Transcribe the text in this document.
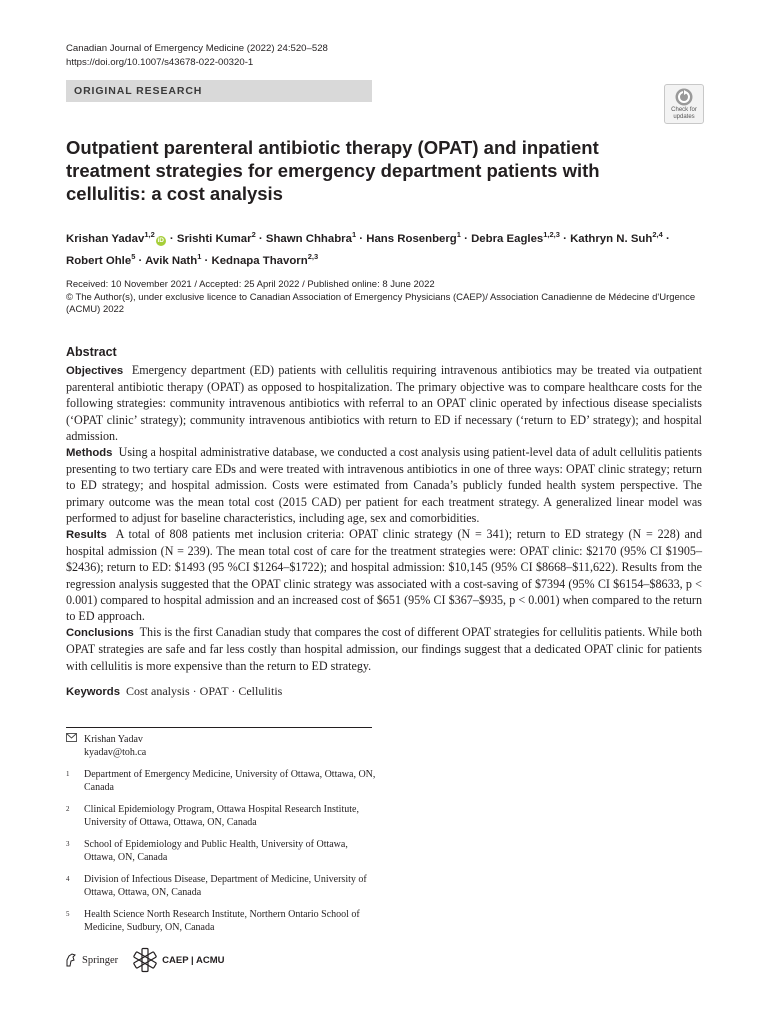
Canadian Journal of Emergency Medicine (2022) 24:520–528
https://doi.org/10.1007/s43678-022-00320-1
ORIGINAL RESEARCH
Check for updates
Outpatient parenteral antibiotic therapy (OPAT) and inpatient treatment strategies for emergency department patients with cellulitis: a cost analysis
Krishan Yadav$^{1,2}$iD · Srishti Kumar$^2$ · Shawn Chhabra$^1$ · Hans Rosenberg$^1$ · Debra Eagles$^{1,2,3}$ · Kathryn N. Suh$^{2,4}$ ·
Robert Ohle$^5$ · Avik Nath$^1$ · Kednapa Thavorn$^{2,3}$
Received: 10 November 2021 / Accepted: 25 April 2022 / Published online: 8 June 2022
© The Author(s), under exclusive licence to Canadian Association of Emergency Physicians (CAEP)/ Association Canadienne de Médecine d'Urgence (ACMU) 2022
Abstract

Objectives Emergency department (ED) patients with cellulitis requiring intravenous antibiotics may be treated via outpatient parenteral antibiotic therapy (OPAT) as opposed to hospitalization. The primary objective was to compare healthcare costs for the following strategies: community intravenous antibiotics with referral to an OPAT clinic operated by infectious disease specialists (‘OPAT clinic’ strategy); community intravenous antibiotics with return to ED if necessary (‘return to ED’ strategy); and hospital admission.

Methods Using a hospital administrative database, we conducted a cost analysis using patient-level data of adult cellulitis patients presenting to two tertiary care EDs and were treated with intravenous antibiotics in one of three ways: OPAT clinic strategy; return to ED strategy; and hospital admission. Costs were estimated from Canada’s publicly funded health system perspective. The primary outcome was the mean total cost (2015 CAD) per patient for each treatment strategy. A generalized linear model was performed to adjust for baseline characteristics, including age, sex and comorbidities.

Results A total of 808 patients met inclusion criteria: OPAT clinic strategy (N = 341); return to ED strategy (N = 228) and hospital admission (N = 239). The mean total cost of care for the treatment strategies were: OPAT clinic: $2170 (95% CI $1905–$2436); return to ED: $1493 (95 %CI $1264–$1722); and hospital admission: $10,145 (95% CI $8668–$11,622). Results from the regression analysis suggested that the OPAT clinic strategy was associated with a cost-saving of $7394 (95% CI $6154–$8633, p < 0.001) compared to hospital admission and an increased cost of $651 (95% CI $367–$935, p < 0.001) when compared to the return to ED approach.

Conclusions This is the first Canadian study that compares the cost of different OPAT strategies for cellulitis patients. While both OPAT strategies are safe and far less costly than hospital admission, our findings suggest that a dedicated OPAT clinic for patients with cellulitis is more expensive than the return to ED strategy.

Keywords Cost analysis · OPAT · Cellulitis
Krishan Yadav
kyadav@toh.ca
1	Department of Emergency Medicine, University of Ottawa, Ottawa, ON, Canada
2	Clinical Epidemiology Program, Ottawa Hospital Research Institute, University of Ottawa, Ottawa, ON, Canada
3	School of Epidemiology and Public Health, University of Ottawa, Ottawa, ON, Canada
4	Division of Infectious Disease, Department of Medicine, University of Ottawa, Ottawa, ON, Canada
5	Health Science North Research Institute, Northern Ontario School of Medicine, Sudbury, ON, Canada
Springer	CAEP | ACMU
